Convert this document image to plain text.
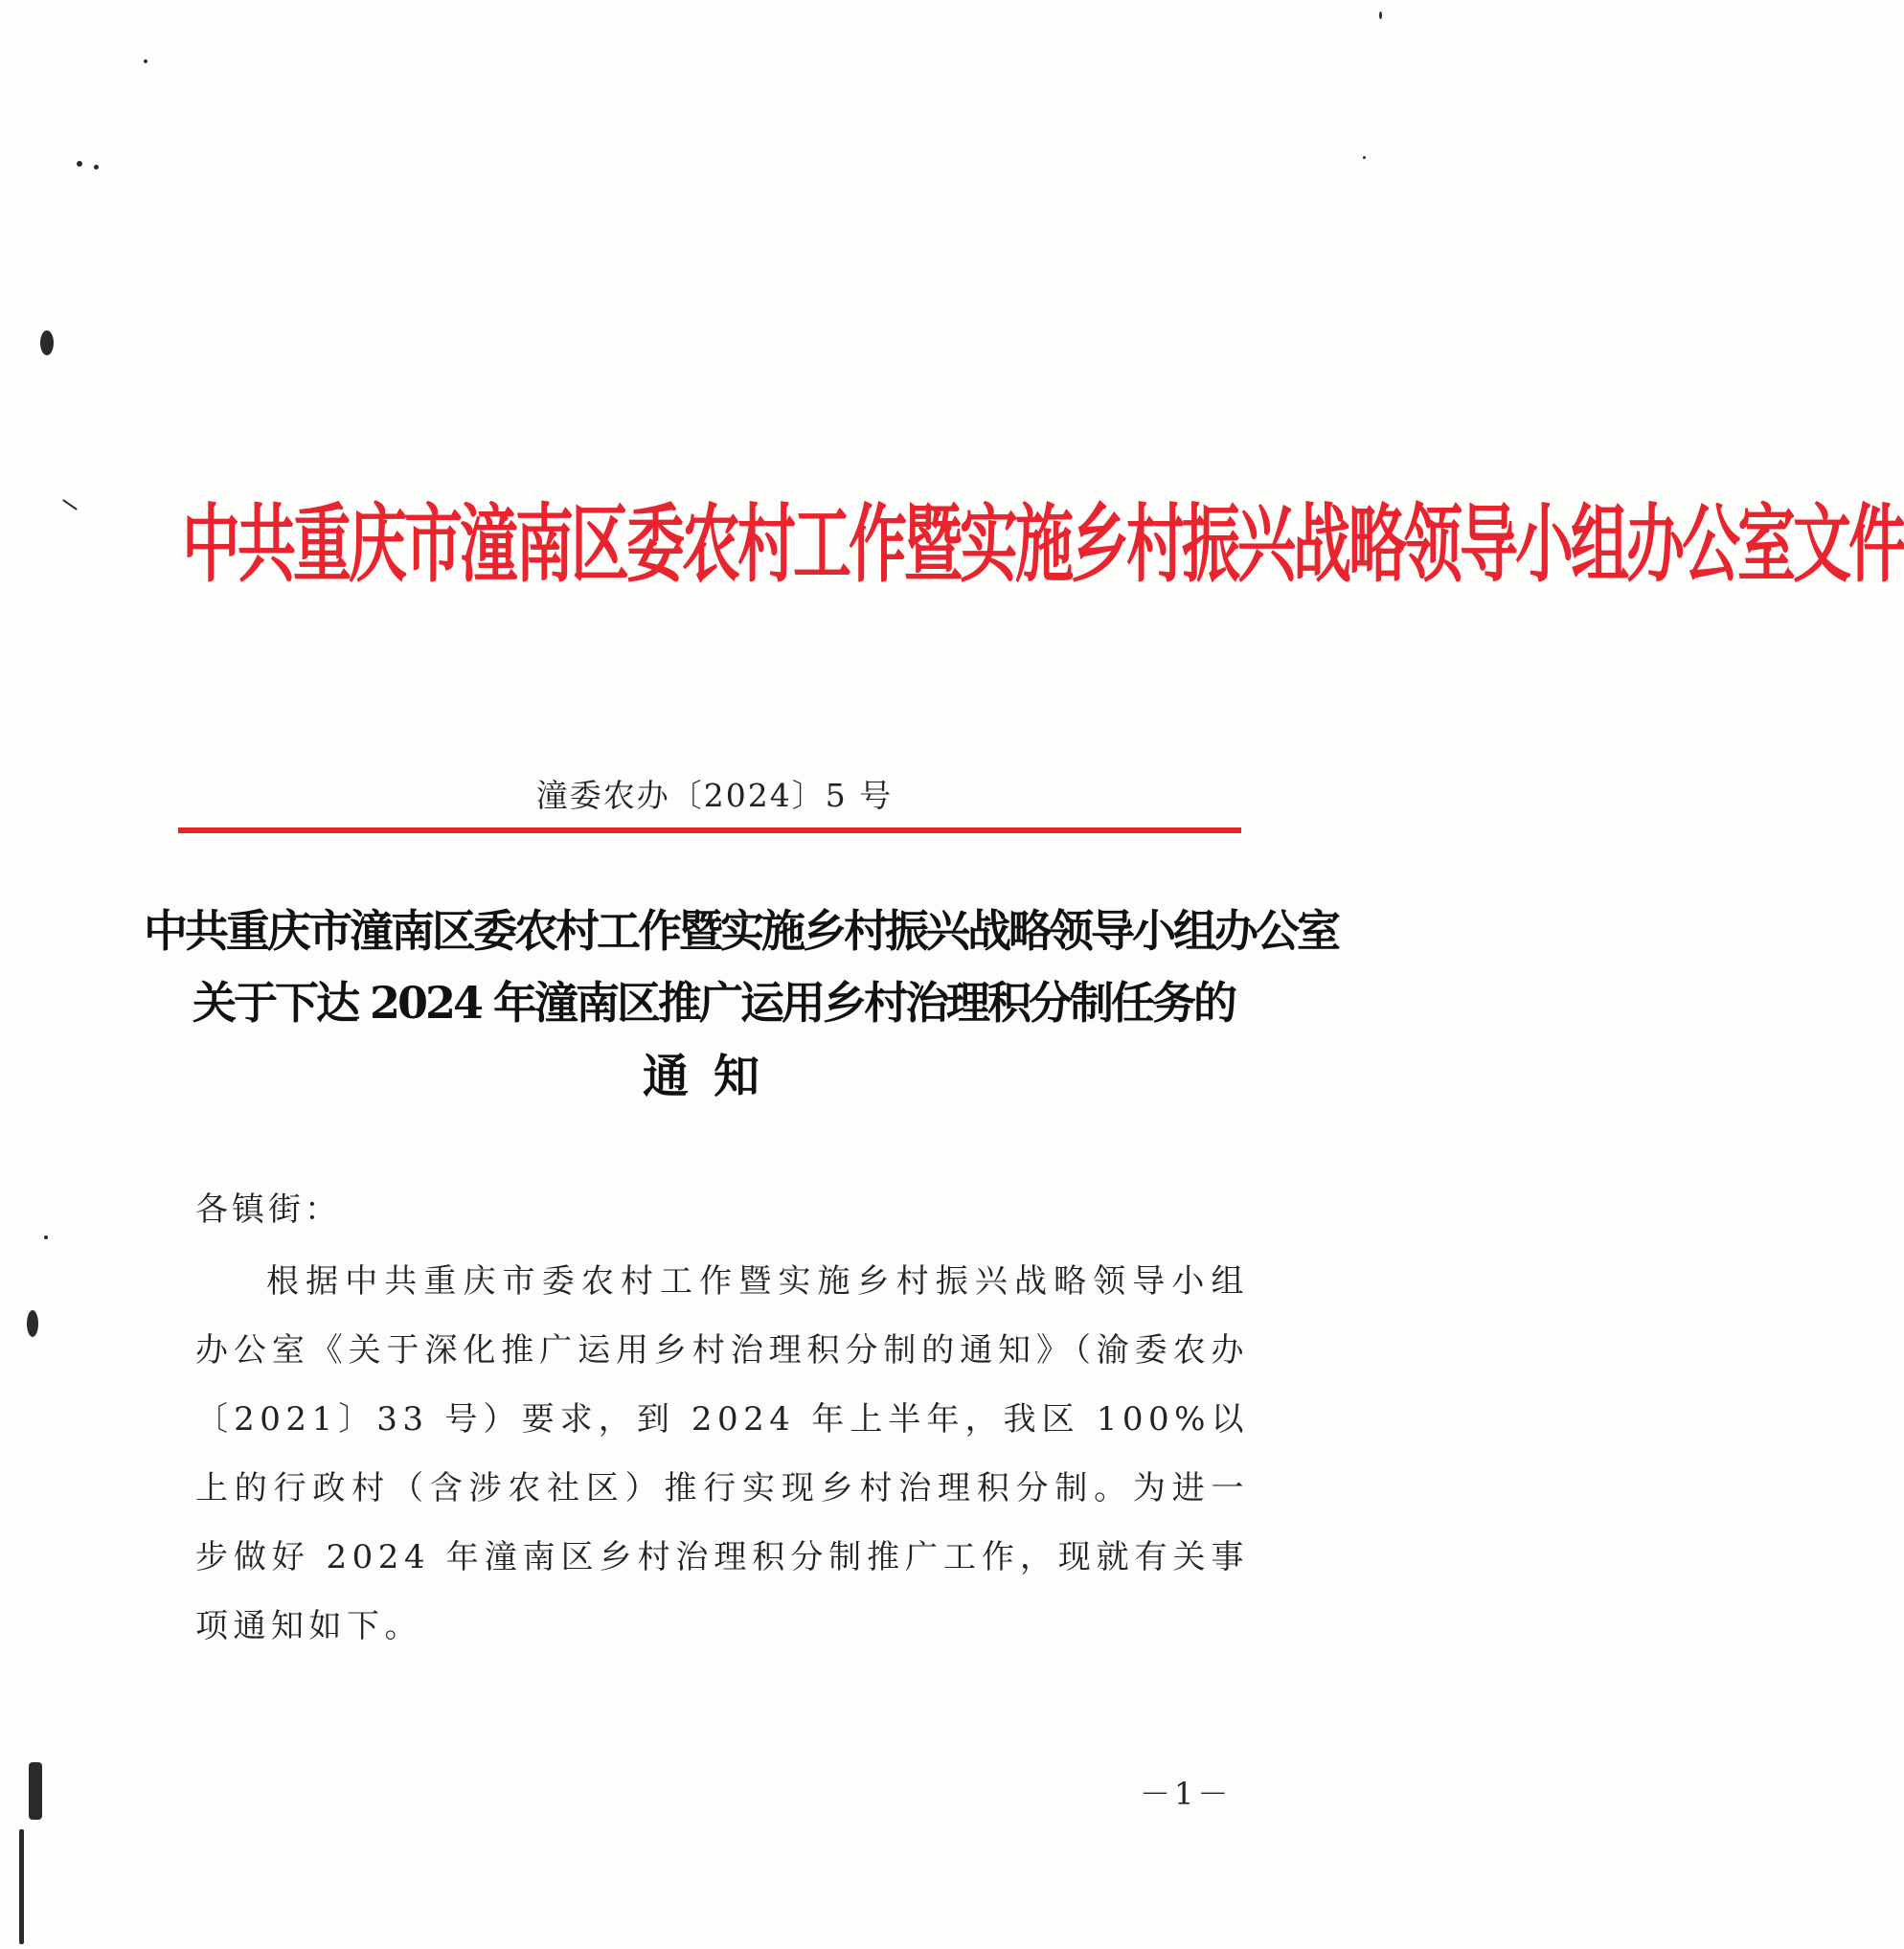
中共重庆市潼南区委农村工作暨实施乡村振兴战略领导小组办公室文件
潼委农办〔2024〕5 号
中共重庆市潼南区委农村工作暨实施乡村振兴战略领导小组办公室
关于下达 2024 年潼南区推广运用乡村治理积分制任务的
通知
各镇街：
根据中共重庆市委农村工作暨实施乡村振兴战略领导小组办公室《关于深化推广运用乡村治理积分制的通知》（渝委农办〔2021〕33 号）要求，到 2024 年上半年，我区 100%以上的行政村（含涉农社区）推行实现乡村治理积分制。为进一步做好 2024 年潼南区乡村治理积分制推广工作，现就有关事项通知如下。
－1－
